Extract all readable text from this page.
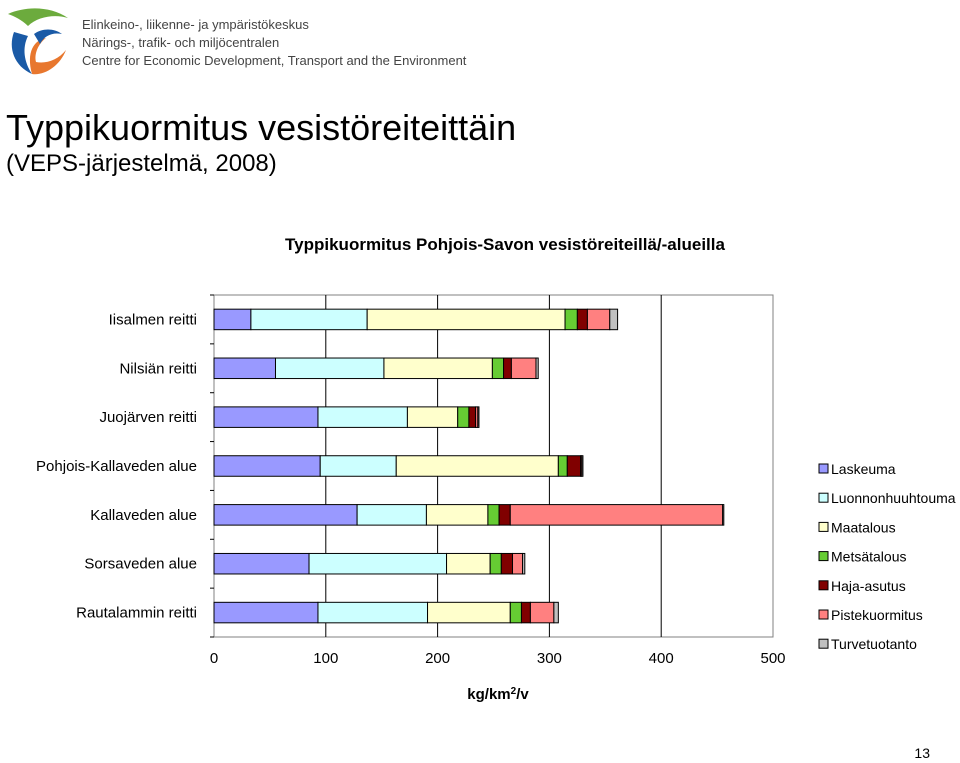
Elinkeino-, liikenne- ja ympäristökeskus
Närings-, trafik- och miljöcentralen
Centre for Economic Development, Transport and the Environment
Typpikuormitus vesistöreiteittäin
(VEPS-järjestelmä, 2008)
Typpikuormitus Pohjois-Savon vesistöreiteillä/-alueilla
0	100	200	300	400	500
Iisalmen reitti
Nilsiän reitti
Juojärven reitti
Pohjois-Kallaveden alue
Kallaveden alue
Sorsaveden alue
Rautalammin reitti
$kg/km^2/v$
Laskeuma
Luonnonhuuhtouma
Maatalous
Metsätalous
Haja-asutus
Pistekuormitus
Turvetuotanto
13
